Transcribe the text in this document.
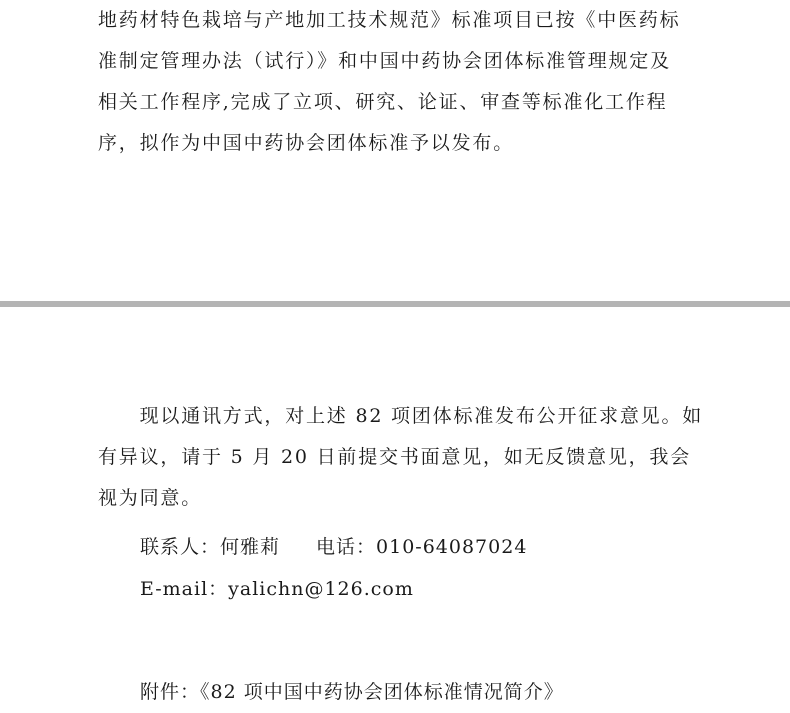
地药材特色栽培与产地加工技术规范》标准项目已按《中医药标
准制定管理办法（试行）》和中国中药协会团体标准管理规定及
相关工作程序,完成了立项、研究、论证、审查等标准化工作程
序，拟作为中国中药协会团体标准予以发布。

　　现以通讯方式，对上述 82 项团体标准发布公开征求意见。如
有异议，请于 5 月 20 日前提交书面意见，如无反馈意见，我会
视为同意。

联系人：何雅莉 电话：010-64087024
E-mail：yalichn@126.com
附件：《82 项中国中药协会团体标准情况简介》
